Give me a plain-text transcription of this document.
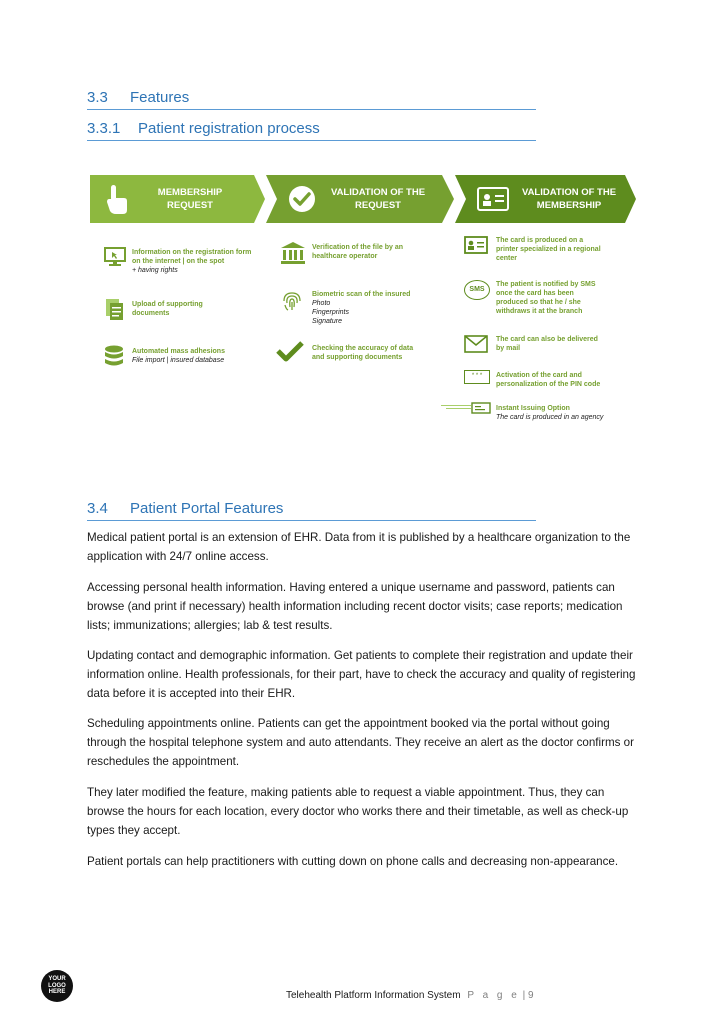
3.3 Features
3.3.1 Patient registration process
MEMBERSHIP
REQUEST
VALIDATION OF THE
REQUEST
VALIDATION OF THE
MEMBERSHIP
Information on the registration form
on the internet | on the spot
+ having rights
Upload of supporting
documents
Automated mass adhesions
File import | insured database
Verification of the file by an
healthcare operator
Biometric scan of the insured
Photo
Fingerprints
Signature
Checking the accuracy of data
and supporting documents
The card is produced on a
printer specialized in a regional
center
SMS
The patient is notified by SMS
once the card has been
produced so that he / she
withdraws it at the branch
The card can also be delivered
by mail
* * *	Activation of the card and
personalization of the PIN code
Instant Issuing Option
The card is produced in an agency
3.4 Patient Portal Features

Medical patient portal is an extension of EHR. Data from it is published by a healthcare organization to the application with 24/7 online access.

Accessing personal health information. Having entered a unique username and password, patients can browse (and print if necessary) health information including recent doctor visits; case reports; medication lists; immunizations; allergies; lab & test results.

Updating contact and demographic information. Get patients to complete their registration and update their information online. Health professionals, for their part, have to check the accuracy and quality of registering data before it is accepted into their EHR.

Scheduling appointments online. Patients can get the appointment booked via the portal without going through the hospital telephone system and auto attendants. They receive an alert as the doctor confirms or reschedules the appointment.

They later modified the feature, making patients able to request a viable appointment. Thus, they can browse the hours for each location, every doctor who works there and their timetable, as well as check-up types they accept.

Patient portals can help practitioners with cutting down on phone calls and decreasing non-appearance.

YOUR
LOGO
HERE	Telehealth Platform Information System P a g e | 9
